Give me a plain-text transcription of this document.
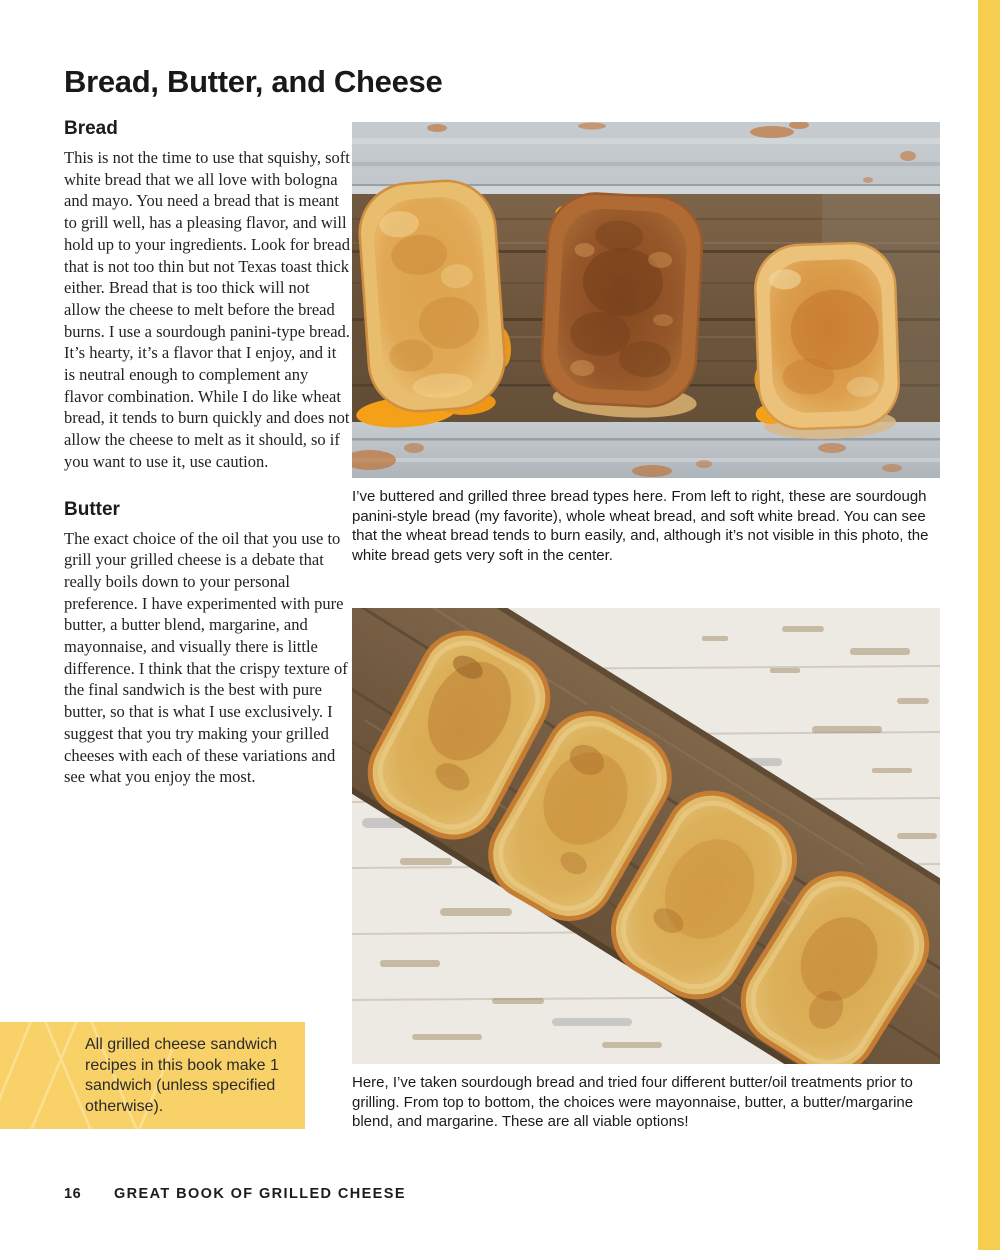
Bread, Butter, and Cheese
Bread
This is not the time to use that squishy, soft white bread that we all love with bologna and mayo. You need a bread that is meant to grill well, has a pleasing flavor, and will hold up to your ingredients. Look for bread that is not too thin but not Texas toast thick either. Bread that is too thick will not allow the cheese to melt before the bread burns. I use a sourdough panini-type bread. It’s hearty, it’s a flavor that I enjoy, and it is neutral enough to complement any flavor combination. While I do like wheat bread, it tends to burn quickly and does not allow the cheese to melt as it should, so if you want to use it, use caution.
Butter
The exact choice of the oil that you use to grill your grilled cheese is a debate that really boils down to your personal preference. I have experimented with pure butter, a butter blend, margarine, and mayonnaise, and visually there is little difference. I think that the crispy texture of the final sandwich is the best with pure butter, so that is what I use exclusively. I suggest that you try making your grilled cheeses with each of these variations and see what you enjoy the most.
I’ve buttered and grilled three bread types here. From left to right, these are sourdough panini-style bread (my favorite), whole wheat bread, and soft white bread. You can see that the wheat bread tends to burn easily, and, although it’s not visible in this photo, the white bread gets very soft in the center.
Here, I’ve taken sourdough bread and tried four different butter/oil treatments prior to grilling. From top to bottom, the choices were mayonnaise, butter, a butter/margarine blend, and margarine. These are all viable options!
All grilled cheese sandwich recipes in this book make 1 sandwich (unless specified otherwise).
16 GREAT BOOK OF GRILLED CHEESE
